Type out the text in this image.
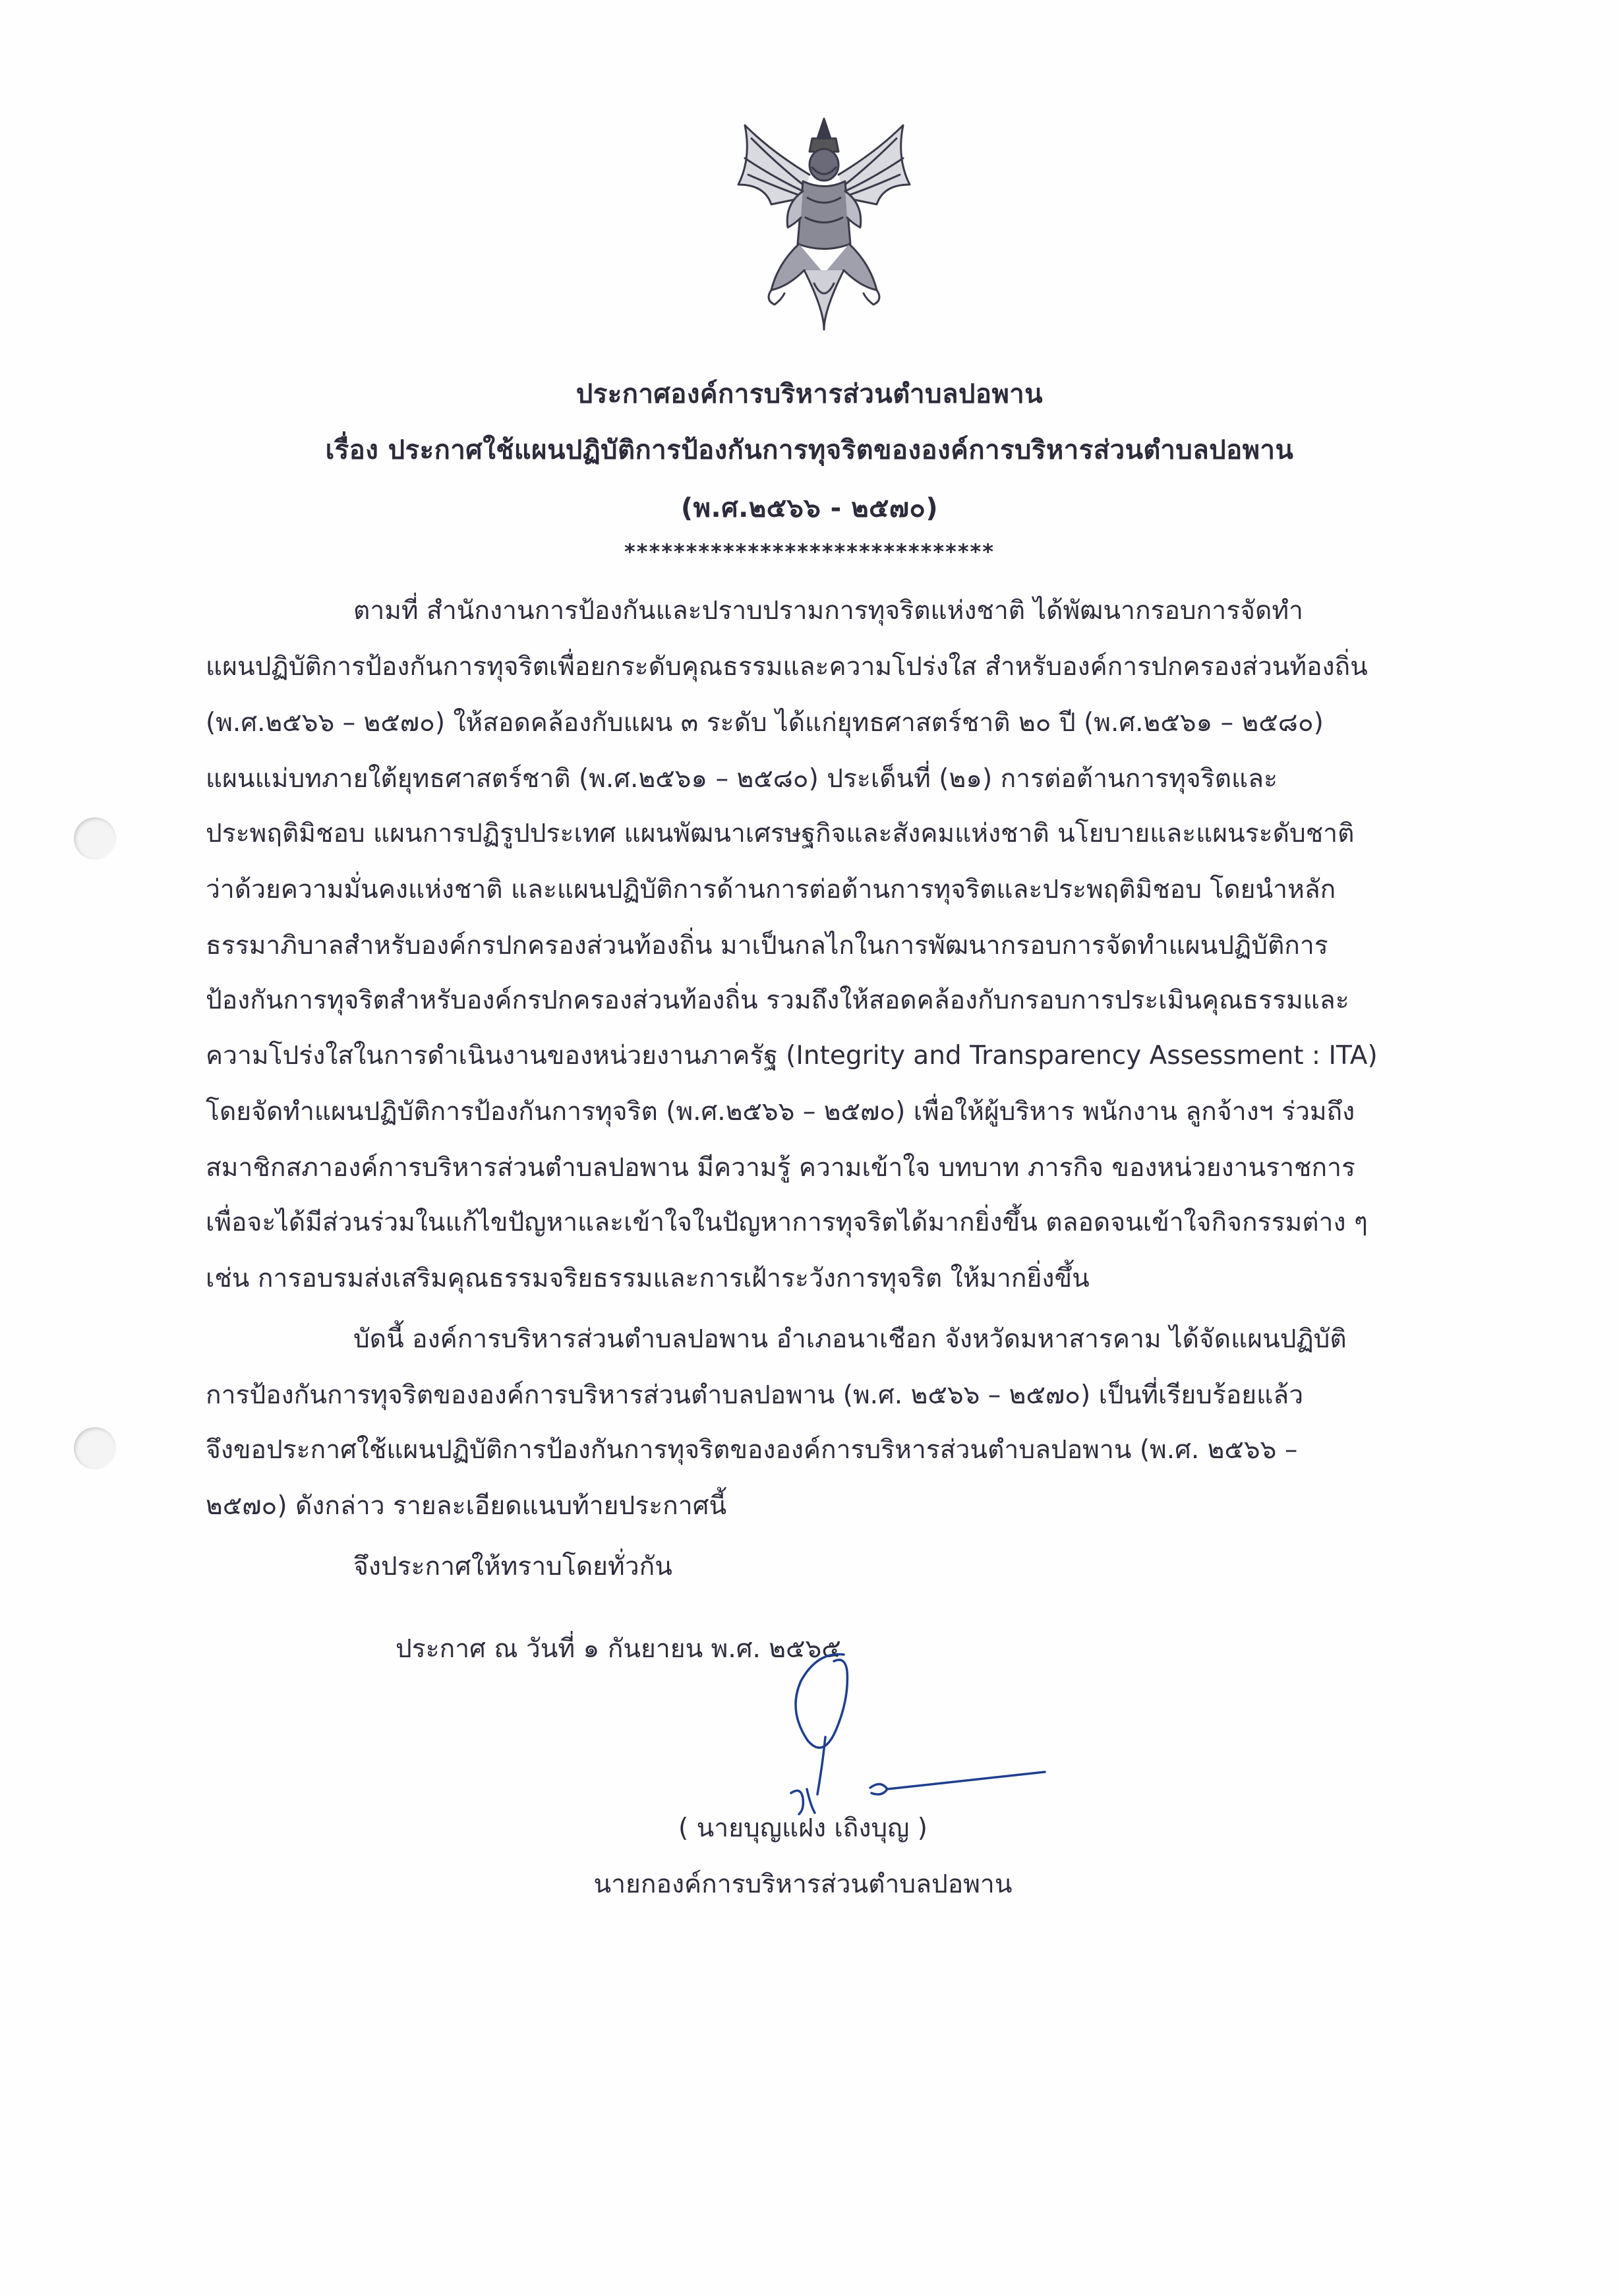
ประกาศองค์การบริหารส่วนตำบลปอพาน
เรื่อง ประกาศใช้แผนปฏิบัติการป้องกันการทุจริตขององค์การบริหารส่วนตำบลปอพาน
(พ.ศ.๒๕๖๖ - ๒๕๗๐)
******************************
ตามที่ สำนักงานการป้องกันและปราบปรามการทุจริตแห่งชาติ ได้พัฒนากรอบการจัดทำ
แผนปฏิบัติการป้องกันการทุจริตเพื่อยกระดับคุณธรรมและความโปร่งใส สำหรับองค์การปกครองส่วนท้องถิ่น
(พ.ศ.๒๕๖๖ – ๒๕๗๐) ให้สอดคล้องกับแผน ๓ ระดับ ได้แก่ยุทธศาสตร์ชาติ ๒๐ ปี (พ.ศ.๒๕๖๑ – ๒๕๘๐)
แผนแม่บทภายใต้ยุทธศาสตร์ชาติ (พ.ศ.๒๕๖๑ – ๒๕๘๐) ประเด็นที่ (๒๑) การต่อต้านการทุจริตและ
ประพฤติมิชอบ แผนการปฏิรูปประเทศ แผนพัฒนาเศรษฐกิจและสังคมแห่งชาติ นโยบายและแผนระดับชาติ
ว่าด้วยความมั่นคงแห่งชาติ และแผนปฏิบัติการด้านการต่อต้านการทุจริตและประพฤติมิชอบ โดยนำหลัก
ธรรมาภิบาลสำหรับองค์กรปกครองส่วนท้องถิ่น มาเป็นกลไกในการพัฒนากรอบการจัดทำแผนปฏิบัติการ
ป้องกันการทุจริตสำหรับองค์กรปกครองส่วนท้องถิ่น รวมถึงให้สอดคล้องกับกรอบการประเมินคุณธรรมและ
ความโปร่งใสในการดำเนินงานของหน่วยงานภาครัฐ (Integrity and Transparency Assessment : ITA)
โดยจัดทำแผนปฏิบัติการป้องกันการทุจริต (พ.ศ.๒๕๖๖ – ๒๕๗๐) เพื่อให้ผู้บริหาร พนักงาน ลูกจ้างฯ ร่วมถึง
สมาชิกสภาองค์การบริหารส่วนตำบลปอพาน มีความรู้ ความเข้าใจ บทบาท ภารกิจ ของหน่วยงานราชการ
เพื่อจะได้มีส่วนร่วมในแก้ไขปัญหาและเข้าใจในปัญหาการทุจริตได้มากยิ่งขึ้น ตลอดจนเข้าใจกิจกรรมต่าง ๆ
เช่น การอบรมส่งเสริมคุณธรรมจริยธรรมและการเฝ้าระวังการทุจริต ให้มากยิ่งขึ้น
บัดนี้ องค์การบริหารส่วนตำบลปอพาน อำเภอนาเชือก จังหวัดมหาสารคาม ได้จัดแผนปฏิบัติ
การป้องกันการทุจริตขององค์การบริหารส่วนตำบลปอพาน (พ.ศ. ๒๕๖๖ – ๒๕๗๐) เป็นที่เรียบร้อยแล้ว
จึงขอประกาศใช้แผนปฏิบัติการป้องกันการทุจริตขององค์การบริหารส่วนตำบลปอพาน (พ.ศ. ๒๕๖๖ –
๒๕๗๐) ดังกล่าว รายละเอียดแนบท้ายประกาศนี้
จึงประกาศให้ทราบโดยทั่วกัน
ประกาศ ณ วันที่ ๑ กันยายน พ.ศ. ๒๕๖๕
( นายบุญแฝง เถิงบุญ )
นายกองค์การบริหารส่วนตำบลปอพาน
